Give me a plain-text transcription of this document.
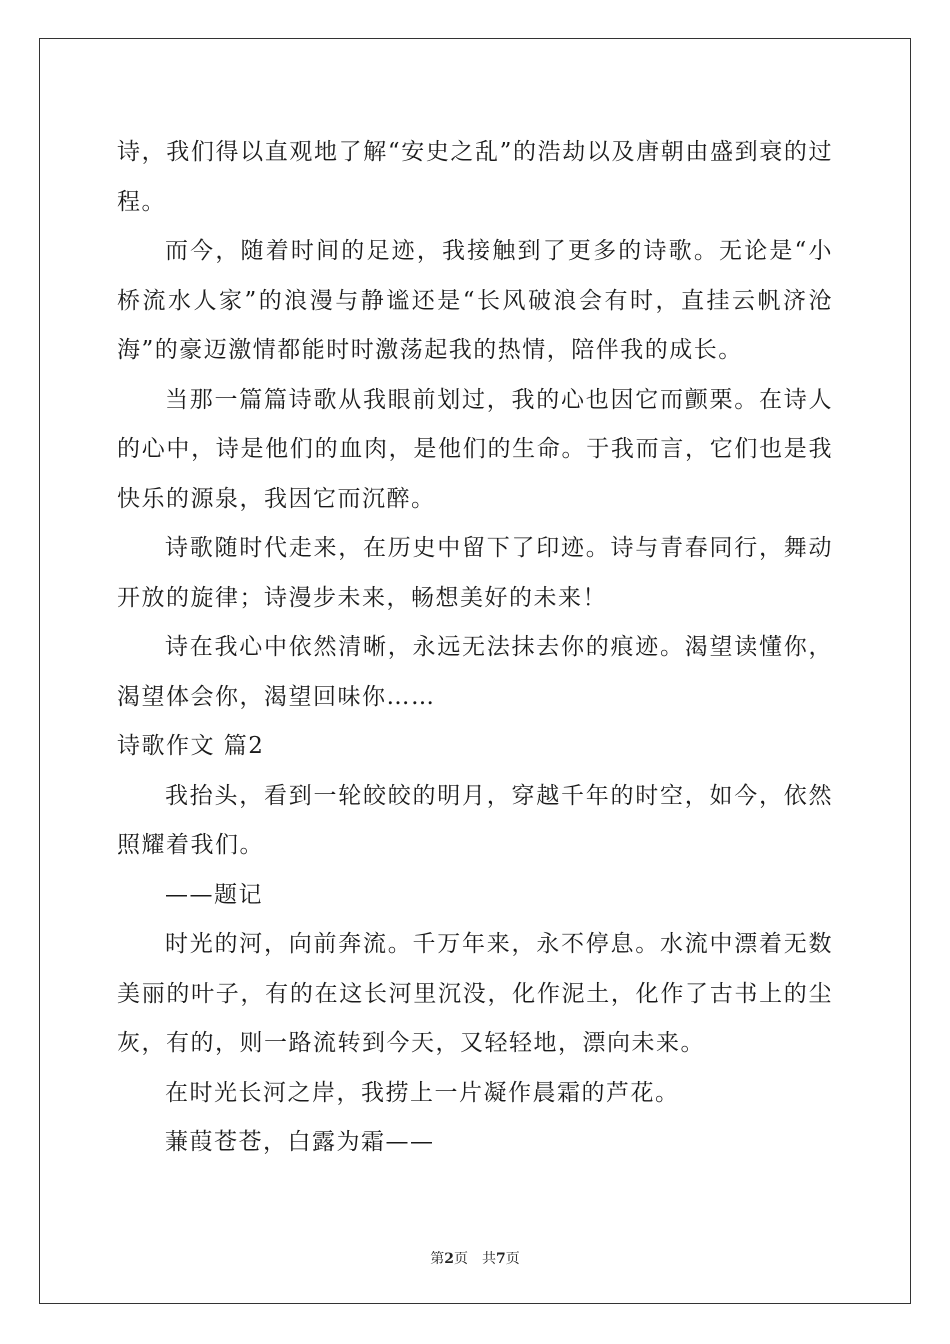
诗，我们得以直观地了解“安史之乱”的浩劫以及唐朝由盛到衰的过程。

而今，随着时间的足迹，我接触到了更多的诗歌。无论是“小桥流水人家”的浪漫与静谧还是“长风破浪会有时，直挂云帆济沧海”的豪迈激情都能时时激荡起我的热情，陪伴我的成长。

当那一篇篇诗歌从我眼前划过，我的心也因它而颤栗。在诗人的心中，诗是他们的血肉，是他们的生命。于我而言，它们也是我快乐的源泉，我因它而沉醉。

诗歌随时代走来，在历史中留下了印迹。诗与青春同行，舞动开放的旋律；诗漫步未来，畅想美好的未来！

诗在我心中依然清晰，永远无法抹去你的痕迹。渴望读懂你，渴望体会你，渴望回味你……

诗歌作文 篇2

我抬头，看到一轮皎皎的明月，穿越千年的时空，如今，依然照耀着我们。

——题记

时光的河，向前奔流。千万年来，永不停息。水流中漂着无数美丽的叶子，有的在这长河里沉没，化作泥土，化作了古书上的尘灰，有的，则一路流转到今天，又轻轻地，漂向未来。

在时光长河之岸，我捞上一片凝作晨霜的芦花。

蒹葭苍苍，白露为霜——

第2页 共7页
